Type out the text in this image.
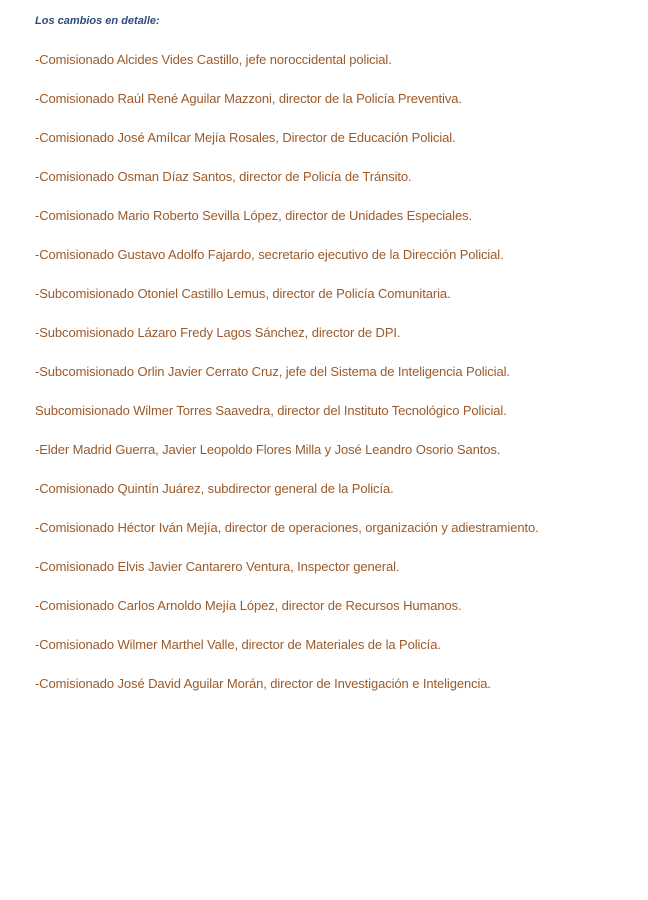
Los cambios en detalle:
-Comisionado Alcides Vides Castillo, jefe noroccidental policial.
-Comisionado Raúl René Aguilar Mazzoni, director de la Policía Preventiva.
-Comisionado José Amílcar Mejía Rosales, Director de Educación Policial.
-Comisionado Osman Díaz Santos, director de Policía de Tránsito.
-Comisionado Mario Roberto Sevilla López, director de Unidades Especiales.
-Comisionado Gustavo Adolfo Fajardo, secretario ejecutivo de la Dirección Policial.
-Subcomisionado Otoniel Castillo Lemus, director de Policía Comunitaria.
-Subcomisionado Lázaro Fredy Lagos Sánchez, director de DPI.
-Subcomisionado Orlin Javier Cerrato Cruz, jefe del Sistema de Inteligencia Policial.
Subcomisionado Wilmer Torres Saavedra, director del Instituto Tecnológico Policial.
-Elder Madrid Guerra, Javier Leopoldo Flores Milla y José Leandro Osorio Santos.
-Comisionado Quintín Juárez, subdirector general de la Policía.
-Comisionado Héctor Iván Mejía, director de operaciones, organización y adiestramiento.
-Comisionado Elvis Javier Cantarero Ventura, Inspector general.
-Comisionado Carlos Arnoldo Mejía López, director de Recursos Humanos.
-Comisionado Wilmer Marthel Valle, director de Materiales de la Policía.
-Comisionado José David Aguilar Morán, director de Investigación e Inteligencia.
